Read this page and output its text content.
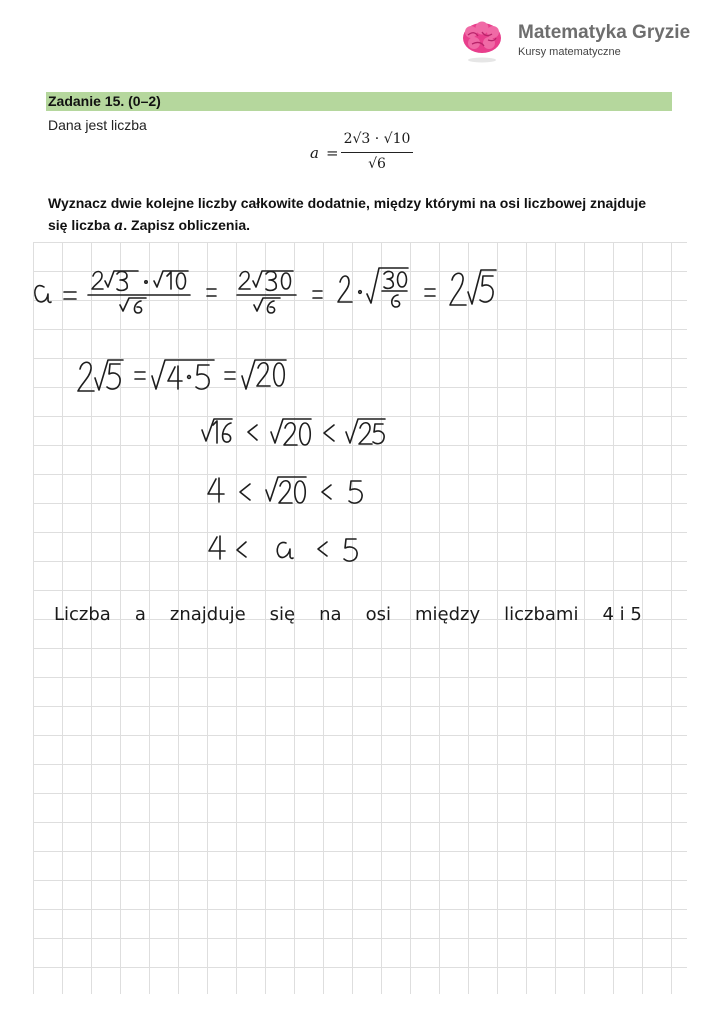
Matematyka Gryzie
Kursy matematyczne
Zadanie 15. (0–2)
Dana jest liczba
a =
2√3 · √10
√6
Wyznacz dwie kolejne liczby całkowite dodatnie, między którymi na osi liczbowej znajduje się liczba a. Zapisz obliczenia.
Liczba a znajduje się na osi między liczbami 4 i 5
